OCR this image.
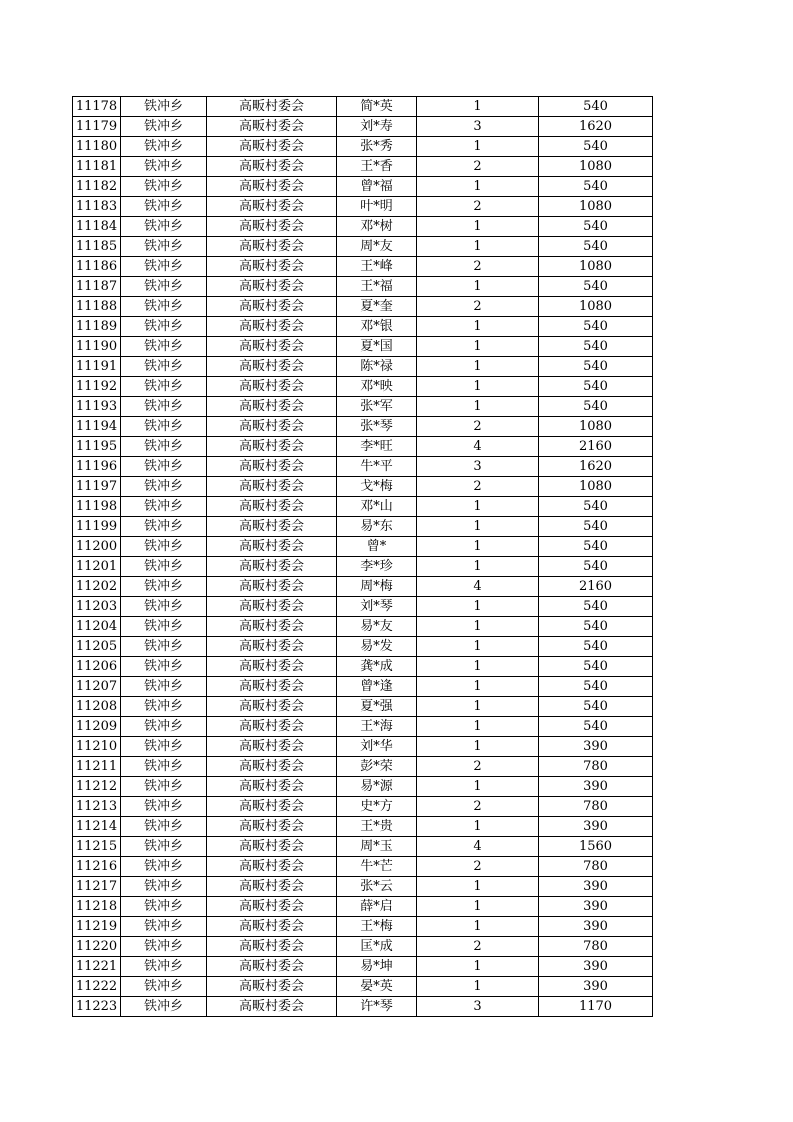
11178	铁冲乡	高畈村委会	简*英	1	540
11179	铁冲乡	高畈村委会	刘*寿	3	1620
11180	铁冲乡	高畈村委会	张*秀	1	540
11181	铁冲乡	高畈村委会	王*香	2	1080
11182	铁冲乡	高畈村委会	曾*福	1	540
11183	铁冲乡	高畈村委会	叶*明	2	1080
11184	铁冲乡	高畈村委会	邓*树	1	540
11185	铁冲乡	高畈村委会	周*友	1	540
11186	铁冲乡	高畈村委会	王*峰	2	1080
11187	铁冲乡	高畈村委会	王*福	1	540
11188	铁冲乡	高畈村委会	夏*奎	2	1080
11189	铁冲乡	高畈村委会	邓*银	1	540
11190	铁冲乡	高畈村委会	夏*国	1	540
11191	铁冲乡	高畈村委会	陈*禄	1	540
11192	铁冲乡	高畈村委会	邓*映	1	540
11193	铁冲乡	高畈村委会	张*军	1	540
11194	铁冲乡	高畈村委会	张*琴	2	1080
11195	铁冲乡	高畈村委会	李*旺	4	2160
11196	铁冲乡	高畈村委会	牛*平	3	1620
11197	铁冲乡	高畈村委会	戈*梅	2	1080
11198	铁冲乡	高畈村委会	邓*山	1	540
11199	铁冲乡	高畈村委会	易*东	1	540
11200	铁冲乡	高畈村委会	曾*	1	540
11201	铁冲乡	高畈村委会	李*珍	1	540
11202	铁冲乡	高畈村委会	周*梅	4	2160
11203	铁冲乡	高畈村委会	刘*琴	1	540
11204	铁冲乡	高畈村委会	易*友	1	540
11205	铁冲乡	高畈村委会	易*发	1	540
11206	铁冲乡	高畈村委会	龚*成	1	540
11207	铁冲乡	高畈村委会	曾*逢	1	540
11208	铁冲乡	高畈村委会	夏*强	1	540
11209	铁冲乡	高畈村委会	王*海	1	540
11210	铁冲乡	高畈村委会	刘*华	1	390
11211	铁冲乡	高畈村委会	彭*荣	2	780
11212	铁冲乡	高畈村委会	易*源	1	390
11213	铁冲乡	高畈村委会	史*方	2	780
11214	铁冲乡	高畈村委会	王*贵	1	390
11215	铁冲乡	高畈村委会	周*玉	4	1560
11216	铁冲乡	高畈村委会	牛*芒	2	780
11217	铁冲乡	高畈村委会	张*云	1	390
11218	铁冲乡	高畈村委会	薛*启	1	390
11219	铁冲乡	高畈村委会	王*梅	1	390
11220	铁冲乡	高畈村委会	匡*成	2	780
11221	铁冲乡	高畈村委会	易*坤	1	390
11222	铁冲乡	高畈村委会	晏*英	1	390
11223	铁冲乡	高畈村委会	许*琴	3	1170
